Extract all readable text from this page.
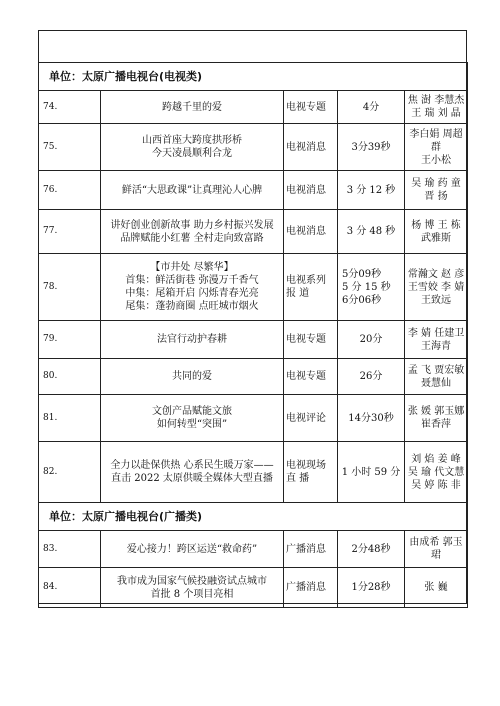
单位：太原广播电视台(电视类)				
74.	跨越千里的爱	电视专题	4分	焦 澍 李慧杰
王 瑞 刘 晶

75.	山西首座大跨度拱形桥
今天凌晨顺利合龙	电视消息	3分39秒	李白娟 周超群
王小松

76.	鲜活“大思政课”让真理沁人心脾	电视消息	3 分 12 秒	吴 瑜 药 童
晋 扬

77.	讲好创业创新故事 助力乡村振兴发展
品牌赋能小红薯 全村走向致富路	电视消息	3 分 48 秒	杨 博 王 栋
武雅斯

78.	【市井处 尽繁华】
首集：鲜活街巷 弥漫万千香气
中集：尾箱开启 闪烁青春光亮
尾集：蓬勃商圈 点旺城市烟火	电视系列
报 道	5分09秒
5 分 15 秒
6分06秒	常瀚文 赵 彦
王雪姣 李 婧
王致远

79.	法官行动护春耕	电视专题	20分	李 婧 任建卫
王海青

80.	共同的爱	电视专题	26分	孟 飞 贾宏敏
聂慧仙

81.	文创产品赋能文旅
如何转型“突围”	电视评论	14分30秒	张 媛 郭玉娜
崔香萍

82.	全力以赴保供热 心系民生暖万家——
直击 2022 太原供暖全媒体大型直播	电视现场
直 播	1 小时 59 分	刘 焰 姜 峰
吴 瑜 代文慧
吴 婷 陈 非

单位：太原广播电视台(广播类)				
83.	爱心接力！跨区运送“救命药”	广播消息	2分48秒	由成希 郭玉珺

84.	我市成为国家气候投融资试点城市
首批 8 个项目亮相	广播消息	1分28秒	张 巍
